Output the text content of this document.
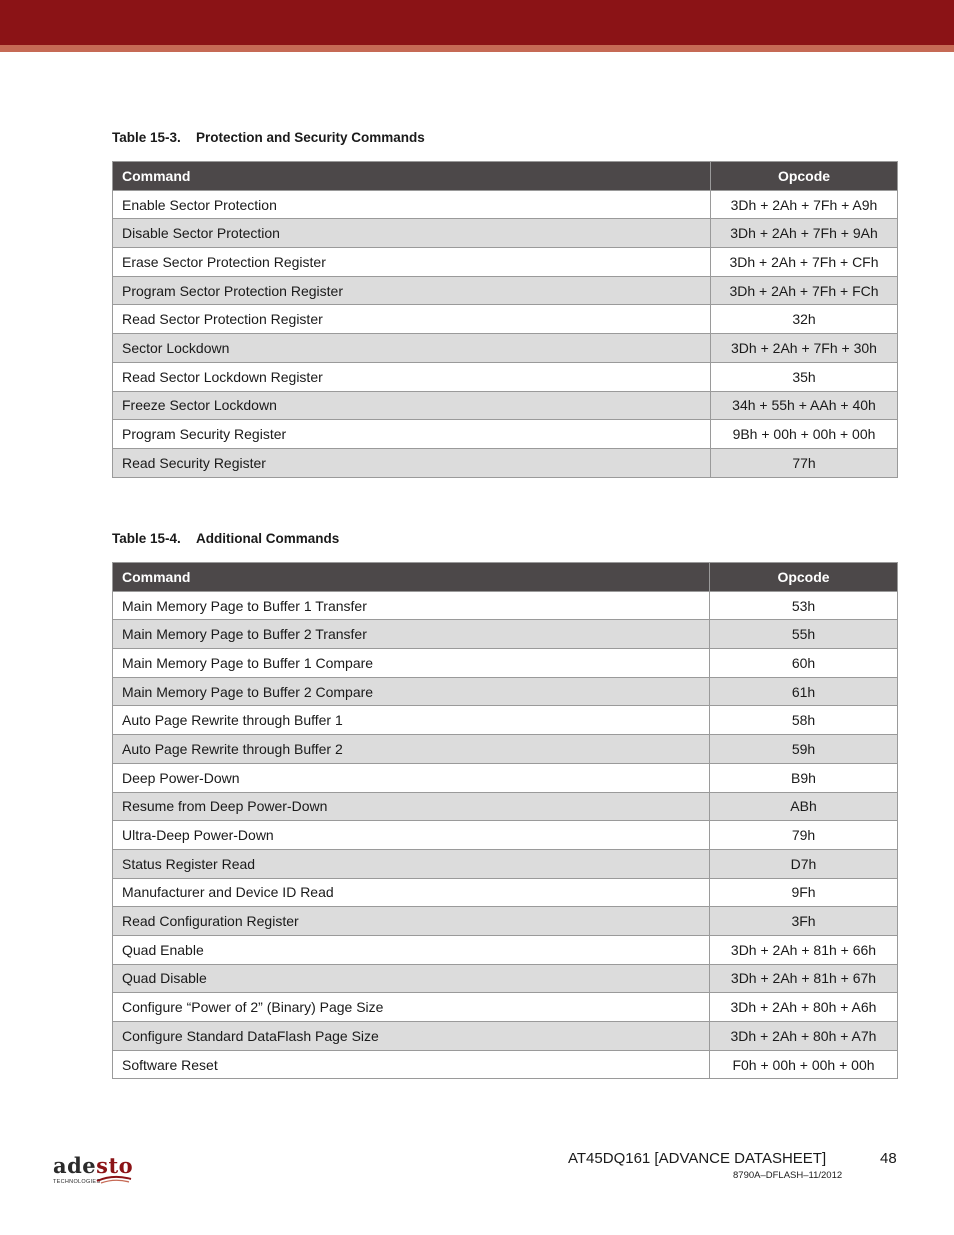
Table 15-3. Protection and Security Commands
Command	Opcode
Enable Sector Protection	3Dh + 2Ah + 7Fh + A9h
Disable Sector Protection	3Dh + 2Ah + 7Fh + 9Ah
Erase Sector Protection Register	3Dh + 2Ah + 7Fh + CFh
Program Sector Protection Register	3Dh + 2Ah + 7Fh + FCh
Read Sector Protection Register	32h
Sector Lockdown	3Dh + 2Ah + 7Fh + 30h
Read Sector Lockdown Register	35h
Freeze Sector Lockdown	34h + 55h + AAh + 40h
Program Security Register	9Bh + 00h + 00h + 00h
Read Security Register	77h
Table 15-4. Additional Commands
Command	Opcode
Main Memory Page to Buffer 1 Transfer	53h
Main Memory Page to Buffer 2 Transfer	55h
Main Memory Page to Buffer 1 Compare	60h
Main Memory Page to Buffer 2 Compare	61h
Auto Page Rewrite through Buffer 1	58h
Auto Page Rewrite through Buffer 2	59h
Deep Power-Down	B9h
Resume from Deep Power-Down	ABh
Ultra-Deep Power-Down	79h
Status Register Read	D7h
Manufacturer and Device ID Read	9Fh
Read Configuration Register	3Fh
Quad Enable	3Dh + 2Ah + 81h + 66h
Quad Disable	3Dh + 2Ah + 81h + 67h
Configure “Power of 2” (Binary) Page Size	3Dh + 2Ah + 80h + A6h
Configure Standard DataFlash Page Size	3Dh + 2Ah + 80h + A7h
Software Reset	F0h + 00h + 00h + 00h
adesto
TECHNOLOGIES
AT45DQ161 [ADVANCE DATASHEET]	48
8790A–DFLASH–11/2012
